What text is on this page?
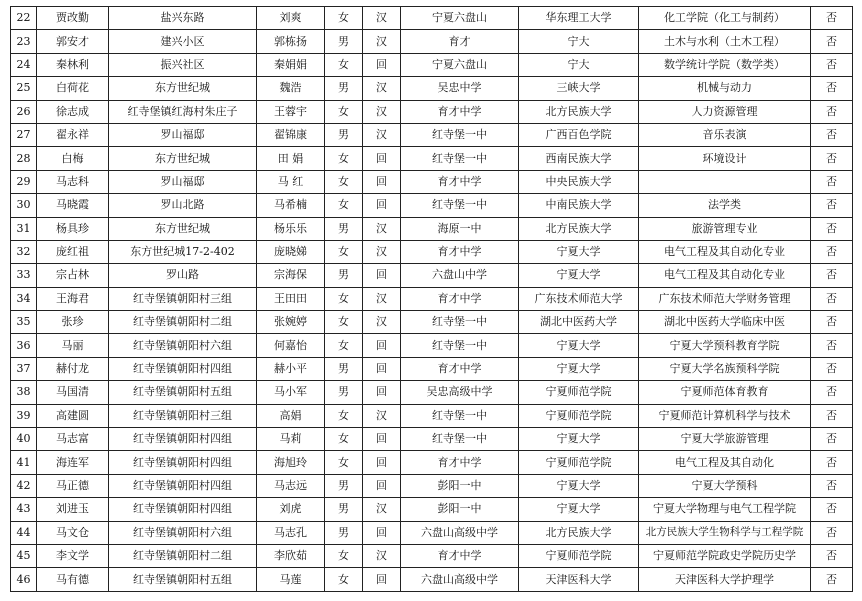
22	贾改勤	盐兴东路	刘爽	女	汉	宁夏六盘山	华东理工大学	化工学院（化工与制药）	否
23	郭安才	建兴小区	郭栋扬	男	汉	育才	宁大	土木与水利（土木工程）	否
24	秦林利	振兴社区	秦娟娟	女	回	宁夏六盘山	宁大	数学统计学院（数学类）	否
25	白荷花	东方世纪城	魏浩	男	汉	吴忠中学	三峡大学	机械与动力	否
26	徐志成	红寺堡镇红海村朱庄子	王蓉宇	女	汉	育才中学	北方民族大学	人力资源管理	否
27	翟永祥	罗山福邸	翟锦康	男	汉	红寺堡一中	广西百色学院	音乐表演	否
28	白梅	东方世纪城	田 娟	女	回	红寺堡一中	西南民族大学	环境设计	否
29	马志科	罗山福邸	马 红	女	回	育才中学	中央民族大学		否
30	马晓霞	罗山北路	马希楠	女	回	红寺堡一中	中南民族大学	法学类	否
31	杨具珍	东方世纪城	杨乐乐	男	汉	海原一中	北方民族大学	旅游管理专业	否
32	庞红祖	东方世纪城17-2-402	庞晓娣	女	汉	育才中学	宁夏大学	电气工程及其自动化专业	否
33	宗占林	罗山路	宗海保	男	回	六盘山中学	宁夏大学	电气工程及其自动化专业	否
34	王海君	红寺堡镇朝阳村三组	王田田	女	汉	育才中学	广东技术师范大学	广东技术师范大学财务管理	否
35	张珍	红寺堡镇朝阳村二组	张婉婷	女	汉	红寺堡一中	湖北中医药大学	湖北中医药大学临床中医	否
36	马丽	红寺堡镇朝阳村六组	何嘉怡	女	回	红寺堡一中	宁夏大学	宁夏大学预科教育学院	否
37	赫付龙	红寺堡镇朝阳村四组	赫小平	男	回	育才中学	宁夏大学	宁夏大学名族预科学院	否
38	马国清	红寺堡镇朝阳村五组	马小军	男	回	吴忠高级中学	宁夏师范学院	宁夏师范体育教育	否
39	高建圆	红寺堡镇朝阳村三组	高娟	女	汉	红寺堡一中	宁夏师范学院	宁夏师范计算机科学与技术	否
40	马志富	红寺堡镇朝阳村四组	马莉	女	回	红寺堡一中	宁夏大学	宁夏大学旅游管理	否
41	海连军	红寺堡镇朝阳村四组	海旭玲	女	回	育才中学	宁夏师范学院	电气工程及其自动化	否
42	马正德	红寺堡镇朝阳村四组	马志远	男	回	彭阳一中	宁夏大学	宁夏大学预科	否
43	刘进玉	红寺堡镇朝阳村四组	刘虎	男	汉	彭阳一中	宁夏大学	宁夏大学物理与电气工程学院	否
44	马文仓	红寺堡镇朝阳村六组	马志孔	男	回	六盘山高级中学	北方民族大学	北方民族大学生物科学与工程学院	否
45	李文学	红寺堡镇朝阳村二组	李欣茹	女	汉	育才中学	宁夏师范学院	宁夏师范学院政史学院历史学	否
46	马有德	红寺堡镇朝阳村五组	马莲	女	回	六盘山高级中学	天津医科大学	天津医科大学护理学	否
